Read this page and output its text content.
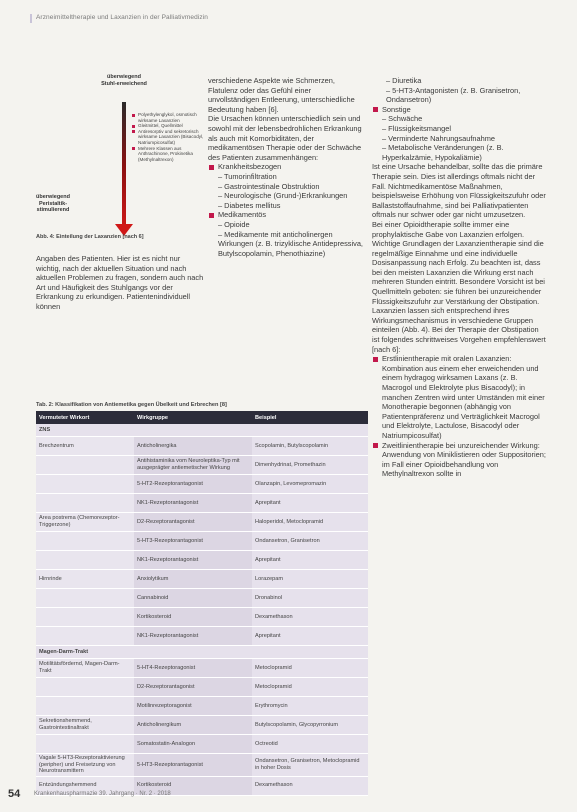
Arzneimitteltherapie und Laxanzien in der Palliativmedizin
überwiegend Stuhl-erweichend
Polyethylenglykol, osmotisch wirksame Laxanzien
Gleitmittel, Quellmittel
Antiresorptiv und sekretorisch wirksame Laxanzien (Bisacodyl, Natriumpicosulfat)
Mehrere Klassen aus Anthrachinone, Prokinetika (Methylnaltrexon)
überwiegend Peristaltik-stimulierend
Abb. 4: Einteilung der Laxanzien [nach 6]

Angaben des Patienten. Hier ist es nicht nur wichtig, nach der aktuellen Situation und nach aktuellen Problemen zu fragen, sondern auch nach Art und Häufigkeit des Stuhlgangs vor der Erkrankung zu erkundigen. Patientenindividuell können

verschiedene Aspekte wie Schmerzen, Flatulenz oder das Gefühl einer unvollständigen Entleerung, unterschiedliche Bedeutung haben [6].

Die Ursachen können unterschiedlich sein und sowohl mit der lebensbedrohlichen Erkrankung als auch mit Komorbiditäten, der medikamentösen Therapie oder der Schwäche des Patienten zusammenhängen:

Krankheitsbezogen

– Tumorinfiltration

– Gastrointestinale Obstruktion

– Neurologische (Grund-)Erkrankungen

– Diabetes mellitus

Medikamentös

– Opioide

– Medikamente mit anticholinergen Wirkungen (z. B. trizyklische Antidepressiva, Butylscopolamin, Phenothiazine)

– Diuretika

– 5-HT3-Antagonisten (z. B. Granisetron, Ondansetron)

Sonstige

– Schwäche

– Flüssigkeitsmangel

– Verminderte Nahrungsaufnahme

– Metabolische Veränderungen (z. B. Hyperkalzämie, Hypokaliämie)

Ist eine Ursache behandelbar, sollte das die primäre Therapie sein. Dies ist allerdings oftmals nicht der Fall. Nichtmedikamentöse Maßnahmen, beispielsweise Erhöhung von Flüssigkeitszufuhr oder Ballaststoffaufnahme, sind bei Palliativpatienten oftmals nur schwer oder gar nicht umzusetzen.

Bei einer Opioidtherapie sollte immer eine prophylaktische Gabe von Laxanzien erfolgen. Wichtige Grundlagen der Laxanzientherapie sind die regelmäßige Einnahme und eine individuelle Dosisanpassung nach Erfolg. Zu beachten ist, dass bei den meisten Laxanzien die Wirkung erst nach mehreren Stunden eintritt. Besondere Vorsicht ist bei Quellmitteln geboten: sie führen bei unzureichender Flüssigkeitszufuhr zur Verstärkung der Obstipation.

Laxanzien lassen sich entsprechend ihres Wirkungsmechanismus in verschiedene Gruppen einteilen (Abb. 4). Bei der Therapie der Obstipation ist folgendes schrittweises Vorgehen empfehlenswert [nach 6]:

Erstlinientherapie mit oralen Laxanzien: Kombination aus einem eher erweichenden und einem hydragog wirksamen Laxans (z. B. Macrogol und Elektrolyte plus Bisacodyl); in manchen Zentren wird unter Umständen mit einer Monotherapie begonnen (abhängig von Patientenpräferenz und Verträglichkeit Macrogol und Elektrolyte, Lactulose, Bisacodyl oder Natriumpicosulfat)

Zweitlinientherapie bei unzureichender Wirkung: Anwendung von Miniklistieren oder Suppositorien; im Fall einer Opioidbehandlung von Methylnaltrexon sollte in

Tab. 2: Klassifikation von Antiemetika gegen Übelkeit und Erbrechen [8]
Vermuteter Wirkort	Wirkgruppe	Beispiel
ZNS		
Brechzentrum	Anticholinergika	Scopolamin, Butylscopolamin
	Antihistaminika vom Neuroleptika-Typ mit ausgeprägter antiemetischer Wirkung	Dimenhydrinat, Promethazin
	5-HT2-Rezeptorantagonist	Olanzapin, Levomepromazin
	NK1-Rezeptorantagonist	Aprepitant
Area postrema (Chemorezeptor-Triggerzone)	D2-Rezeptorantagonist	Haloperidol, Metoclopramid
	5-HT3-Rezeptorantagonist	Ondansetron, Granisetron
	NK1-Rezeptorantagonist	Aprepitant
Hirnrinde	Anxiolytikum	Lorazepam
	Cannabinoid	Dronabinol
	Kortikosteroid	Dexamethason
	NK1-Rezeptorantagonist	Aprepitant
Magen-Darm-Trakt		
Motilitätsfördernd, Magen-Darm-Trakt	5-HT4-Rezeptoragonist	Metoclopramid
	D2-Rezeptorantagonist	Metoclopramid
	Motilinrezeptoragonist	Erythromycin
Sekretionshemmend, Gastrointestinaltrakt	Anticholinergikum	Butylscopolamin, Glycopyrronium
	Somatostatin-Analogon	Octreotid
Vagale 5-HT3-Rezeptoraktivierung (peripher) und Freisetzung von Neurotransmittern	5-HT3-Rezeptorantagonist	Ondansetron, Granisetron, Metoclopramid in hoher Dosis
Entzündungshemmend	Kortikosteroid	Dexamethason
54 Krankenhauspharmazie 39. Jahrgang · Nr. 2 · 2018
